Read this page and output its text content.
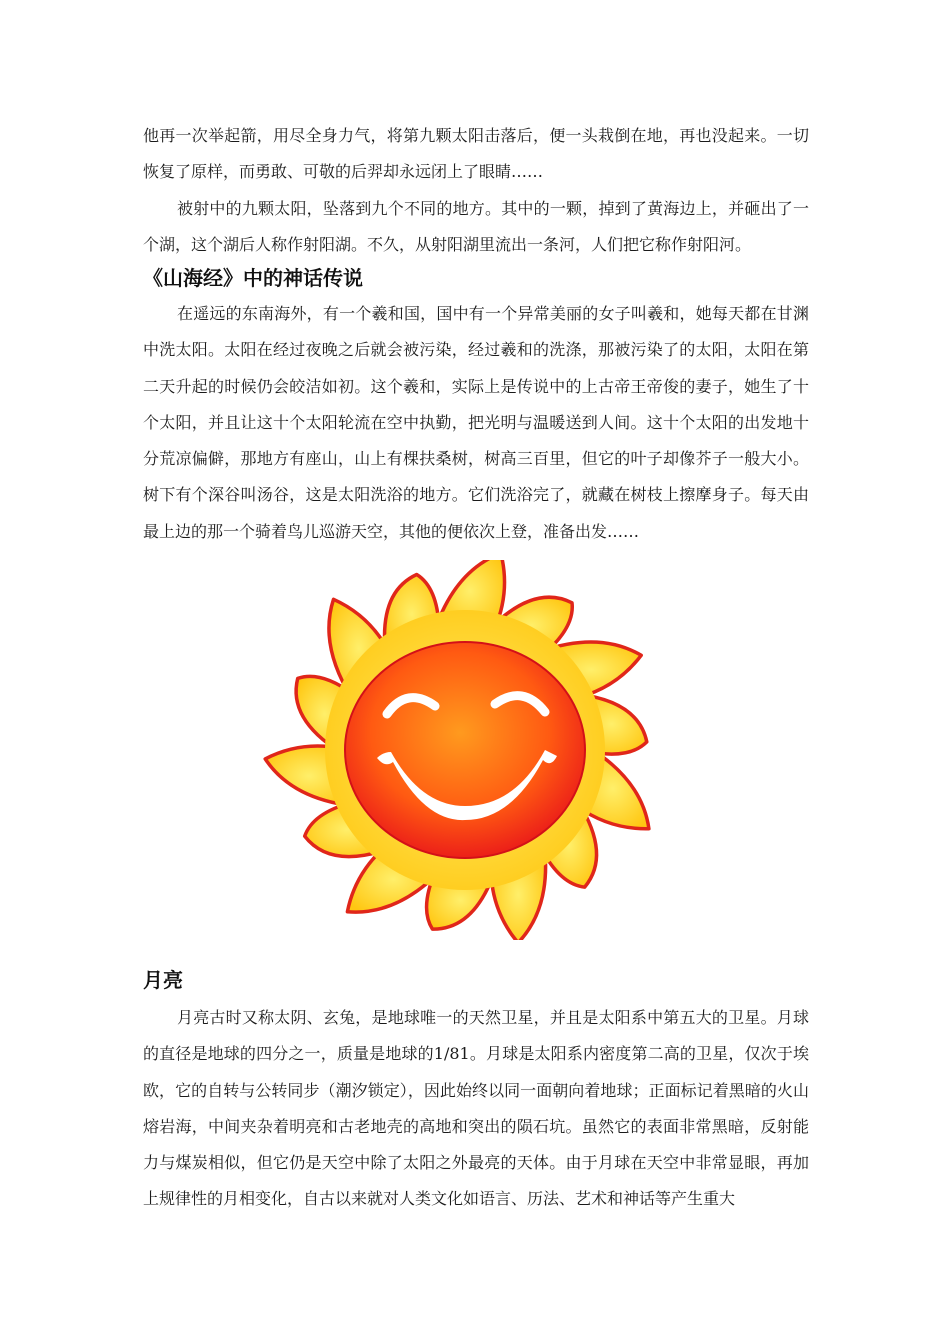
他再一次举起箭，用尽全身力气，将第九颗太阳击落后，便一头栽倒在地，再也没起来。一切恢复了原样，而勇敢、可敬的后羿却永远闭上了眼睛……

被射中的九颗太阳，坠落到九个不同的地方。其中的一颗，掉到了黄海边上，并砸出了一个湖，这个湖后人称作射阳湖。不久，从射阳湖里流出一条河，人们把它称作射阳河。

《山海经》中的神话传说

在遥远的东南海外，有一个羲和国，国中有一个异常美丽的女子叫羲和，她每天都在甘渊中洗太阳。太阳在经过夜晚之后就会被污染，经过羲和的洗涤，那被污染了的太阳，太阳在第二天升起的时候仍会皎洁如初。这个羲和，实际上是传说中的上古帝王帝俊的妻子，她生了十个太阳，并且让这十个太阳轮流在空中执勤，把光明与温暖送到人间。这十个太阳的出发地十分荒凉偏僻，那地方有座山，山上有棵扶桑树，树高三百里，但它的叶子却像芥子一般大小。树下有个深谷叫汤谷，这是太阳洗浴的地方。它们洗浴完了，就藏在树枝上擦摩身子。每天由最上边的那一个骑着鸟儿巡游天空，其他的便依次上登，准备出发……

月亮

月亮古时又称太阴、玄兔，是地球唯一的天然卫星，并且是太阳系中第五大的卫星。月球的直径是地球的四分之一，质量是地球的1/81。月球是太阳系内密度第二高的卫星，仅次于埃欧，它的自转与公转同步（潮汐锁定），因此始终以同一面朝向着地球；正面标记着黑暗的火山熔岩海，中间夹杂着明亮和古老地壳的高地和突出的陨石坑。虽然它的表面非常黑暗，反射能力与煤炭相似，但它仍是天空中除了太阳之外最亮的天体。由于月球在天空中非常显眼，再加上规律性的月相变化，自古以来就对人类文化如语言、历法、艺术和神话等产生重大
